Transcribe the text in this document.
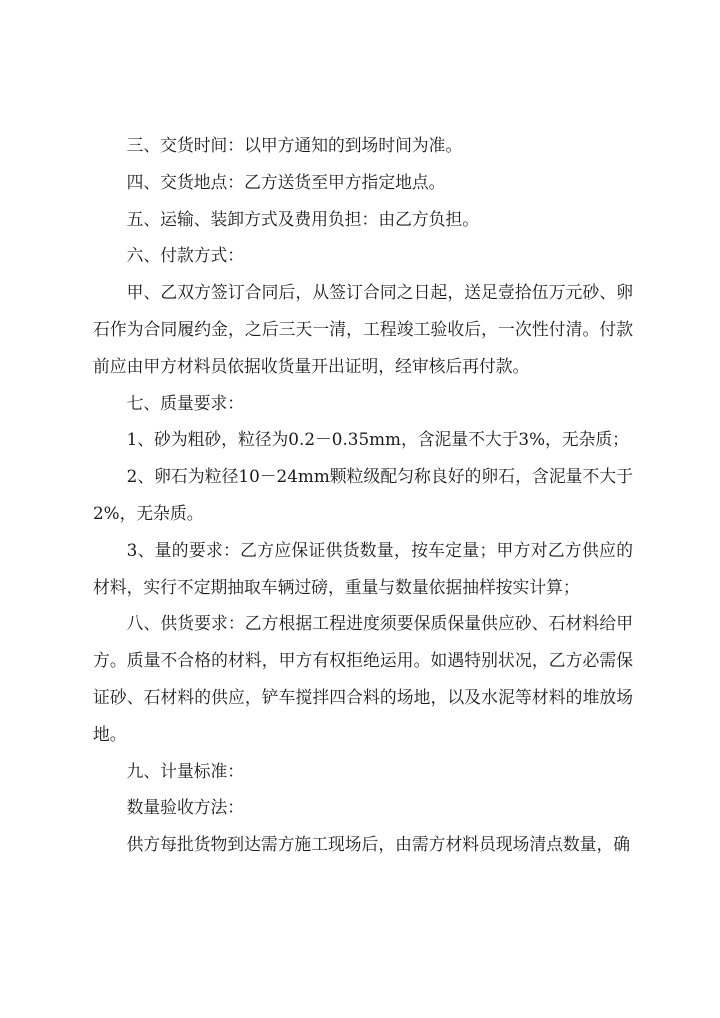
三、交货时间：以甲方通知的到场时间为准。

四、交货地点：乙方送货至甲方指定地点。

五、运输、装卸方式及费用负担：由乙方负担。

六、付款方式：

甲、乙双方签订合同后，从签订合同之日起，送足壹拾伍万元砂、卵石作为合同履约金，之后三天一清，工程竣工验收后，一次性付清。付款前应由甲方材料员依据收货量开出证明，经审核后再付款。

七、质量要求：

1、砂为粗砂，粒径为0.2－0.35mm，含泥量不大于3%，无杂质；

2、卵石为粒径10－24mm颗粒级配匀称良好的卵石，含泥量不大于2%，无杂质。

3、量的要求：乙方应保证供货数量，按车定量；甲方对乙方供应的材料，实行不定期抽取车辆过磅，重量与数量依据抽样按实计算；

八、供货要求：乙方根据工程进度须要保质保量供应砂、石材料给甲方。质量不合格的材料，甲方有权拒绝运用。如遇特别状况，乙方必需保证砂、石材料的供应，铲车搅拌四合料的场地，以及水泥等材料的堆放场地。

九、计量标准：

数量验收方法：

供方每批货物到达需方施工现场后，由需方材料员现场清点数量，确
